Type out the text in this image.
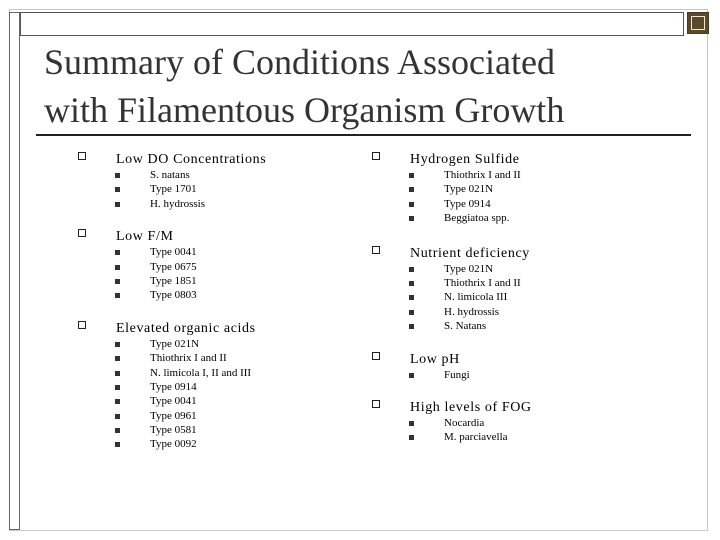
Summary of Conditions Associated
with Filamentous Organism Growth
Low DO Concentrations
S. natans
Type 1701
H. hydrossis
Low F/M
Type 0041
Type 0675
Type 1851
Type 0803
Elevated organic acids
Type 021N
Thiothrix I and II
N. limicola I, II and III
Type 0914
Type 0041
Type 0961
Type 0581
Type 0092
Hydrogen Sulfide
Thiothrix I and II
Type 021N
Type 0914
Beggiatoa spp.
Nutrient deficiency
Type 021N
Thiothrix I and II
N. limicola III
H. hydrossis
S. Natans
Low pH
Fungi
High levels of FOG
Nocardia
M. parciavella
